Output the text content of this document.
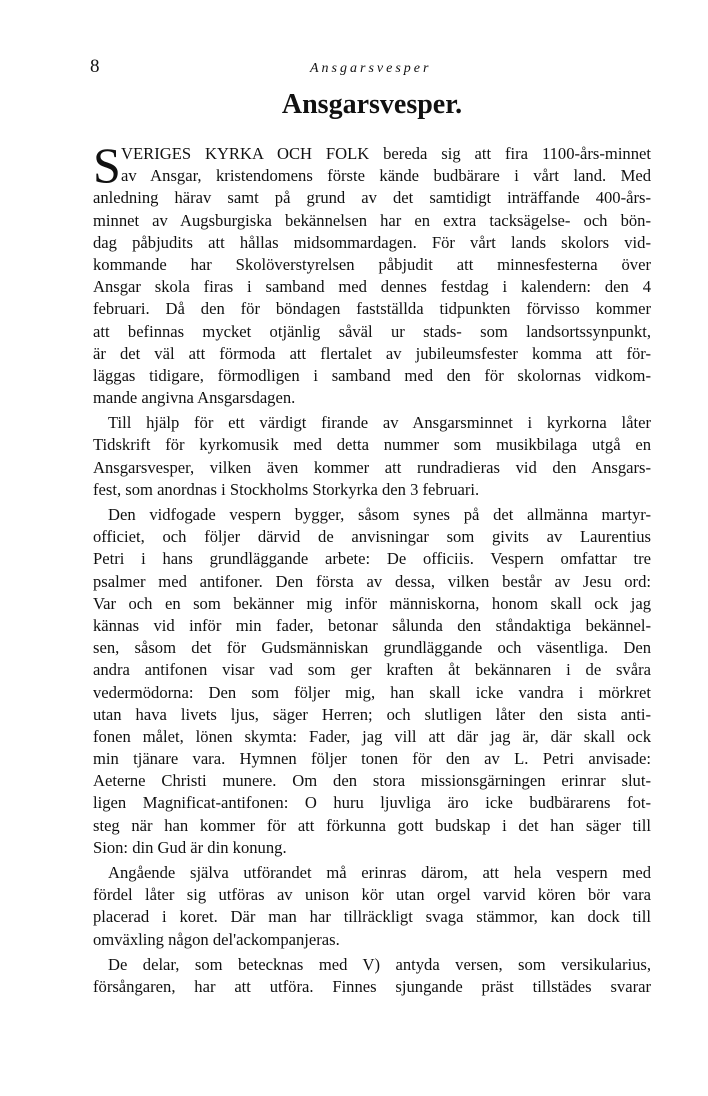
8	Ansgarsvesper
Ansgarsvesper.
S VERIGES KYRKA OCH FOLK bereda sig att fira 1100-års-minnet
av Ansgar, kristendomens förste kände budbärare i vårt land. Med
anledning härav samt på grund av det samtidigt inträffande 400-års-
minnet av Augsburgiska bekännelsen har en extra tacksägelse- och bön-
dag påbjudits att hållas midsommardagen. För vårt lands skolors vid-
kommande har Skolöverstyrelsen påbjudit att minnesfesterna över
Ansgar skola firas i samband med dennes festdag i kalendern: den 4
februari. Då den för böndagen fastställda tidpunkten förvisso kommer
att befinnas mycket otjänlig såväl ur stads- som landsortssynpunkt,
är det väl att förmoda att flertalet av jubileumsfester komma att för-
läggas tidigare, förmodligen i samband med den för skolornas vidkom-
mande angivna Ansgarsdagen.
Till hjälp för ett värdigt firande av Ansgarsminnet i kyrkorna låter
Tidskrift för kyrkomusik med detta nummer som musikbilaga utgå en
Ansgarsvesper, vilken även kommer att rundradieras vid den Ansgars-
fest, som anordnas i Stockholms Storkyrka den 3 februari.
Den vidfogade vespern bygger, såsom synes på det allmänna martyr-
officiet, och följer därvid de anvisningar som givits av Laurentius
Petri i hans grundläggande arbete: De officiis. Vespern omfattar tre
psalmer med antifoner. Den första av dessa, vilken består av Jesu ord:
Var och en som bekänner mig inför människorna, honom skall ock jag
kännas vid inför min fader, betonar sålunda den ståndaktiga bekännel-
sen, såsom det för Gudsmänniskan grundläggande och väsentliga. Den
andra antifonen visar vad som ger kraften åt bekännaren i de svåra
vedermödorna: Den som följer mig, han skall icke vandra i mörkret
utan hava livets ljus, säger Herren; och slutligen låter den sista anti-
fonen målet, lönen skymta: Fader, jag vill att där jag är, där skall ock
min tjänare vara. Hymnen följer tonen för den av L. Petri anvisade:
Aeterne Christi munere. Om den stora missionsgärningen erinrar slut-
ligen Magnificat-antifonen: O huru ljuvliga äro icke budbärarens fot-
steg när han kommer för att förkunna gott budskap i det han säger till
Sion: din Gud är din konung.
Angående själva utförandet må erinras därom, att hela vespern med
fördel låter sig utföras av unison kör utan orgel varvid kören bör vara
placerad i koret. Där man har tillräckligt svaga stämmor, kan dock till
omväxling någon del'ackompanjeras.
De delar, som betecknas med V) antyda versen, som versikularius,
försångaren, har att utföra. Finnes sjungande präst tillstädes svarar
